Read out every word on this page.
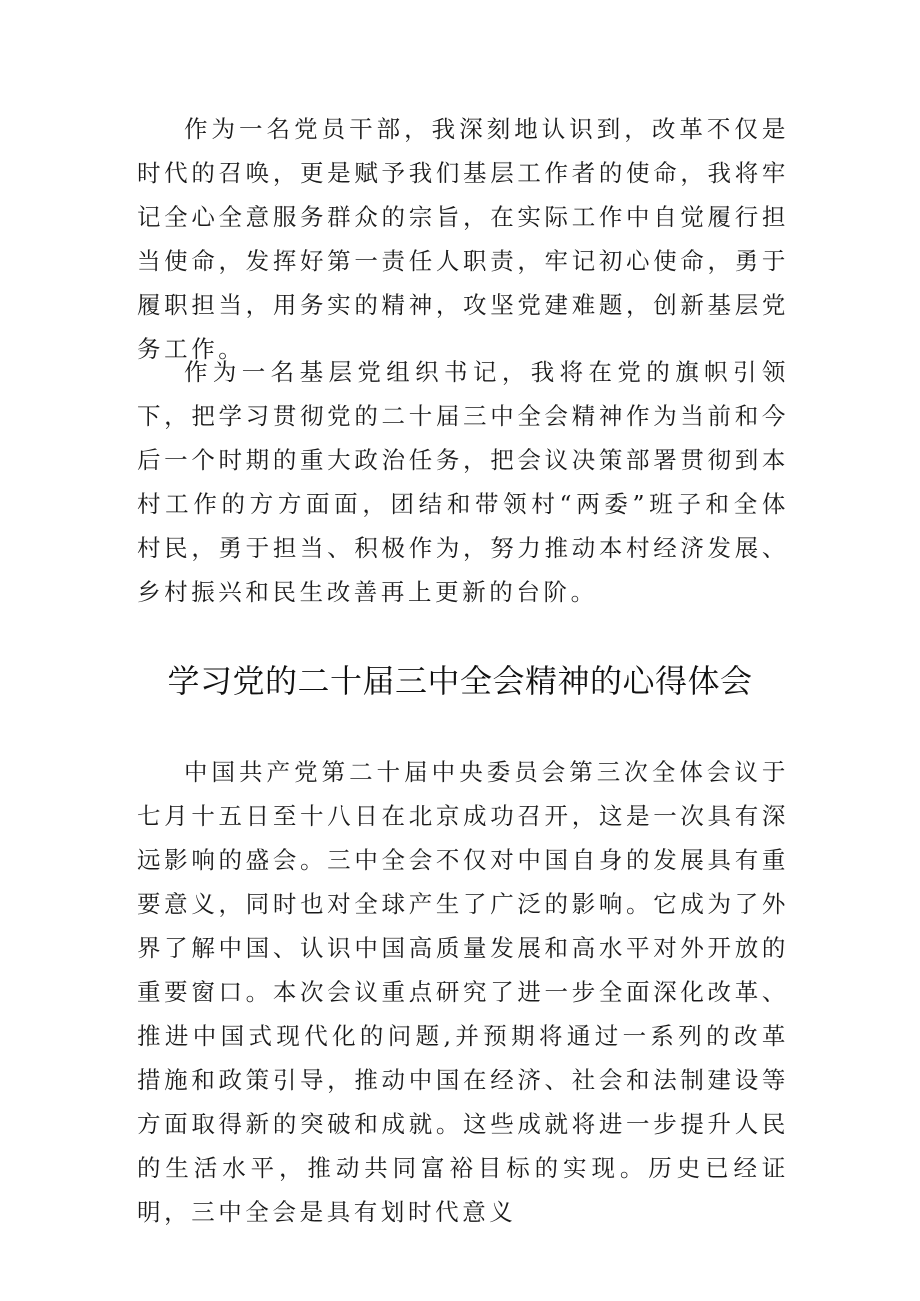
作为一名党员干部，我深刻地认识到，改革不仅是时代的召唤，更是赋予我们基层工作者的使命，我将牢记全心全意服务群众的宗旨，在实际工作中自觉履行担当使命，发挥好第一责任人职责，牢记初心使命，勇于履职担当，用务实的精神，攻坚党建难题，创新基层党务工作。

作为一名基层党组织书记，我将在党的旗帜引领下，把学习贯彻党的二十届三中全会精神作为当前和今后一个时期的重大政治任务，把会议决策部署贯彻到本村工作的方方面面，团结和带领村“两委”班子和全体村民，勇于担当、积极作为，努力推动本村经济发展、乡村振兴和民生改善再上更新的台阶。

学习党的二十届三中全会精神的心得体会

中国共产党第二十届中央委员会第三次全体会议于七月十五日至十八日在北京成功召开，这是一次具有深远影响的盛会。三中全会不仅对中国自身的发展具有重要意义，同时也对全球产生了广泛的影响。它成为了外界了解中国、认识中国高质量发展和高水平对外开放的重要窗口。本次会议重点研究了进一步全面深化改革、推进中国式现代化的问题,并预期将通过一系列的改革措施和政策引导，推动中国在经济、社会和法制建设等方面取得新的突破和成就。这些成就将进一步提升人民的生活水平，推动共同富裕目标的实现。历史已经证明，三中全会是具有划时代意义
